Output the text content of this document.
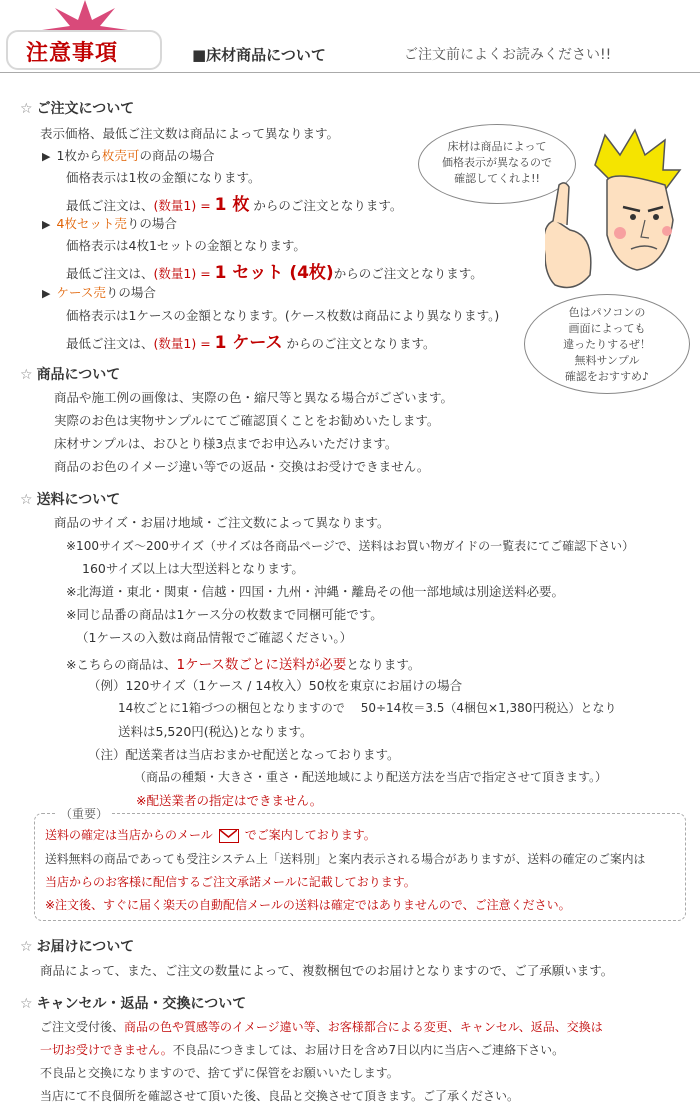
注意事項	■床材商品について	ご注文前によくお読みください!!
床材は商品によって
価格表示が異なるので
確認してくれよ!!
色はパソコンの
画面によっても
違ったりするぜ！
無料サンプル
確認をおすすめ♪
☆ ご注文について
表示価格、最低ご注文数は商品によって異なります。
▶ 1枚から枚売可の商品の場合
価格表示は1枚の金額になります。
最低ご注文は、(数量1) = 1 枚 からのご注文となります。
▶ 4枚セット売りの場合
価格表示は4枚1セットの金額となります。
最低ご注文は、(数量1) = 1 セット (4枚)からのご注文となります。
▶ ケース売りの場合
価格表示は1ケースの金額となります。(ケース枚数は商品により異なります。)
最低ご注文は、(数量1) = 1 ケース からのご注文となります。
☆ 商品について
商品や施工例の画像は、実際の色・縮尺等と異なる場合がございます。
実際のお色は実物サンプルにてご確認頂くことをお勧めいたします。
床材サンプルは、おひとり様3点までお申込みいただけます。
商品のお色のイメージ違い等での返品・交換はお受けできません。
☆ 送料について
商品のサイズ・お届け地域・ご注文数によって異なります。
※100サイズ～200サイズ（サイズは各商品ページで、送料はお買い物ガイドの一覧表にてご確認下さい）
160サイズ以上は大型送料となります。
※北海道・東北・関東・信越・四国・九州・沖縄・離島その他一部地域は別途送料必要。
※同じ品番の商品は1ケース分の枚数まで同梱可能です。
（1ケースの入数は商品情報でご確認ください。）
※こちらの商品は、1ケース数ごとに送料が必要となります。
（例）120サイズ（1ケース / 14枚入）50枚を東京にお届けの場合
14枚ごとに1箱づつの梱包となりますので　 50÷14枚＝3.5（4梱包×1,380円税込）となり
送料は5,520円(税込)となります。
（注）配送業者は当店おまかせ配送となっております。
（商品の種類・大きさ・重さ・配送地域により配送方法を当店で指定させて頂きます。）
※配送業者の指定はできません。
（重要）
送料の確定は当店からのメール	でご案内しております。
送料無料の商品であっても受注システム上「送料別」と案内表示される場合がありますが、送料の確定のご案内は
当店からのお客様に配信するご注文承諾メールに記載しております。
※注文後、すぐに届く楽天の自動配信メールの送料は確定ではありませんので、ご注意ください。
☆ お届けについて
商品によって、また、ご注文の数量によって、複数梱包でのお届けとなりますので、ご了承願います。
☆ キャンセル・返品・交換について
ご注文受付後、商品の色や質感等のイメージ違い等、お客様都合による変更、キャンセル、返品、交換は
一切お受けできません。不良品につきましては、お届け日を含め7日以内に当店へご連絡下さい。
不良品と交換になりますので、捨てずに保管をお願いいたします。
当店にて不良個所を確認させて頂いた後、良品と交換させて頂きます。ご了承ください。
